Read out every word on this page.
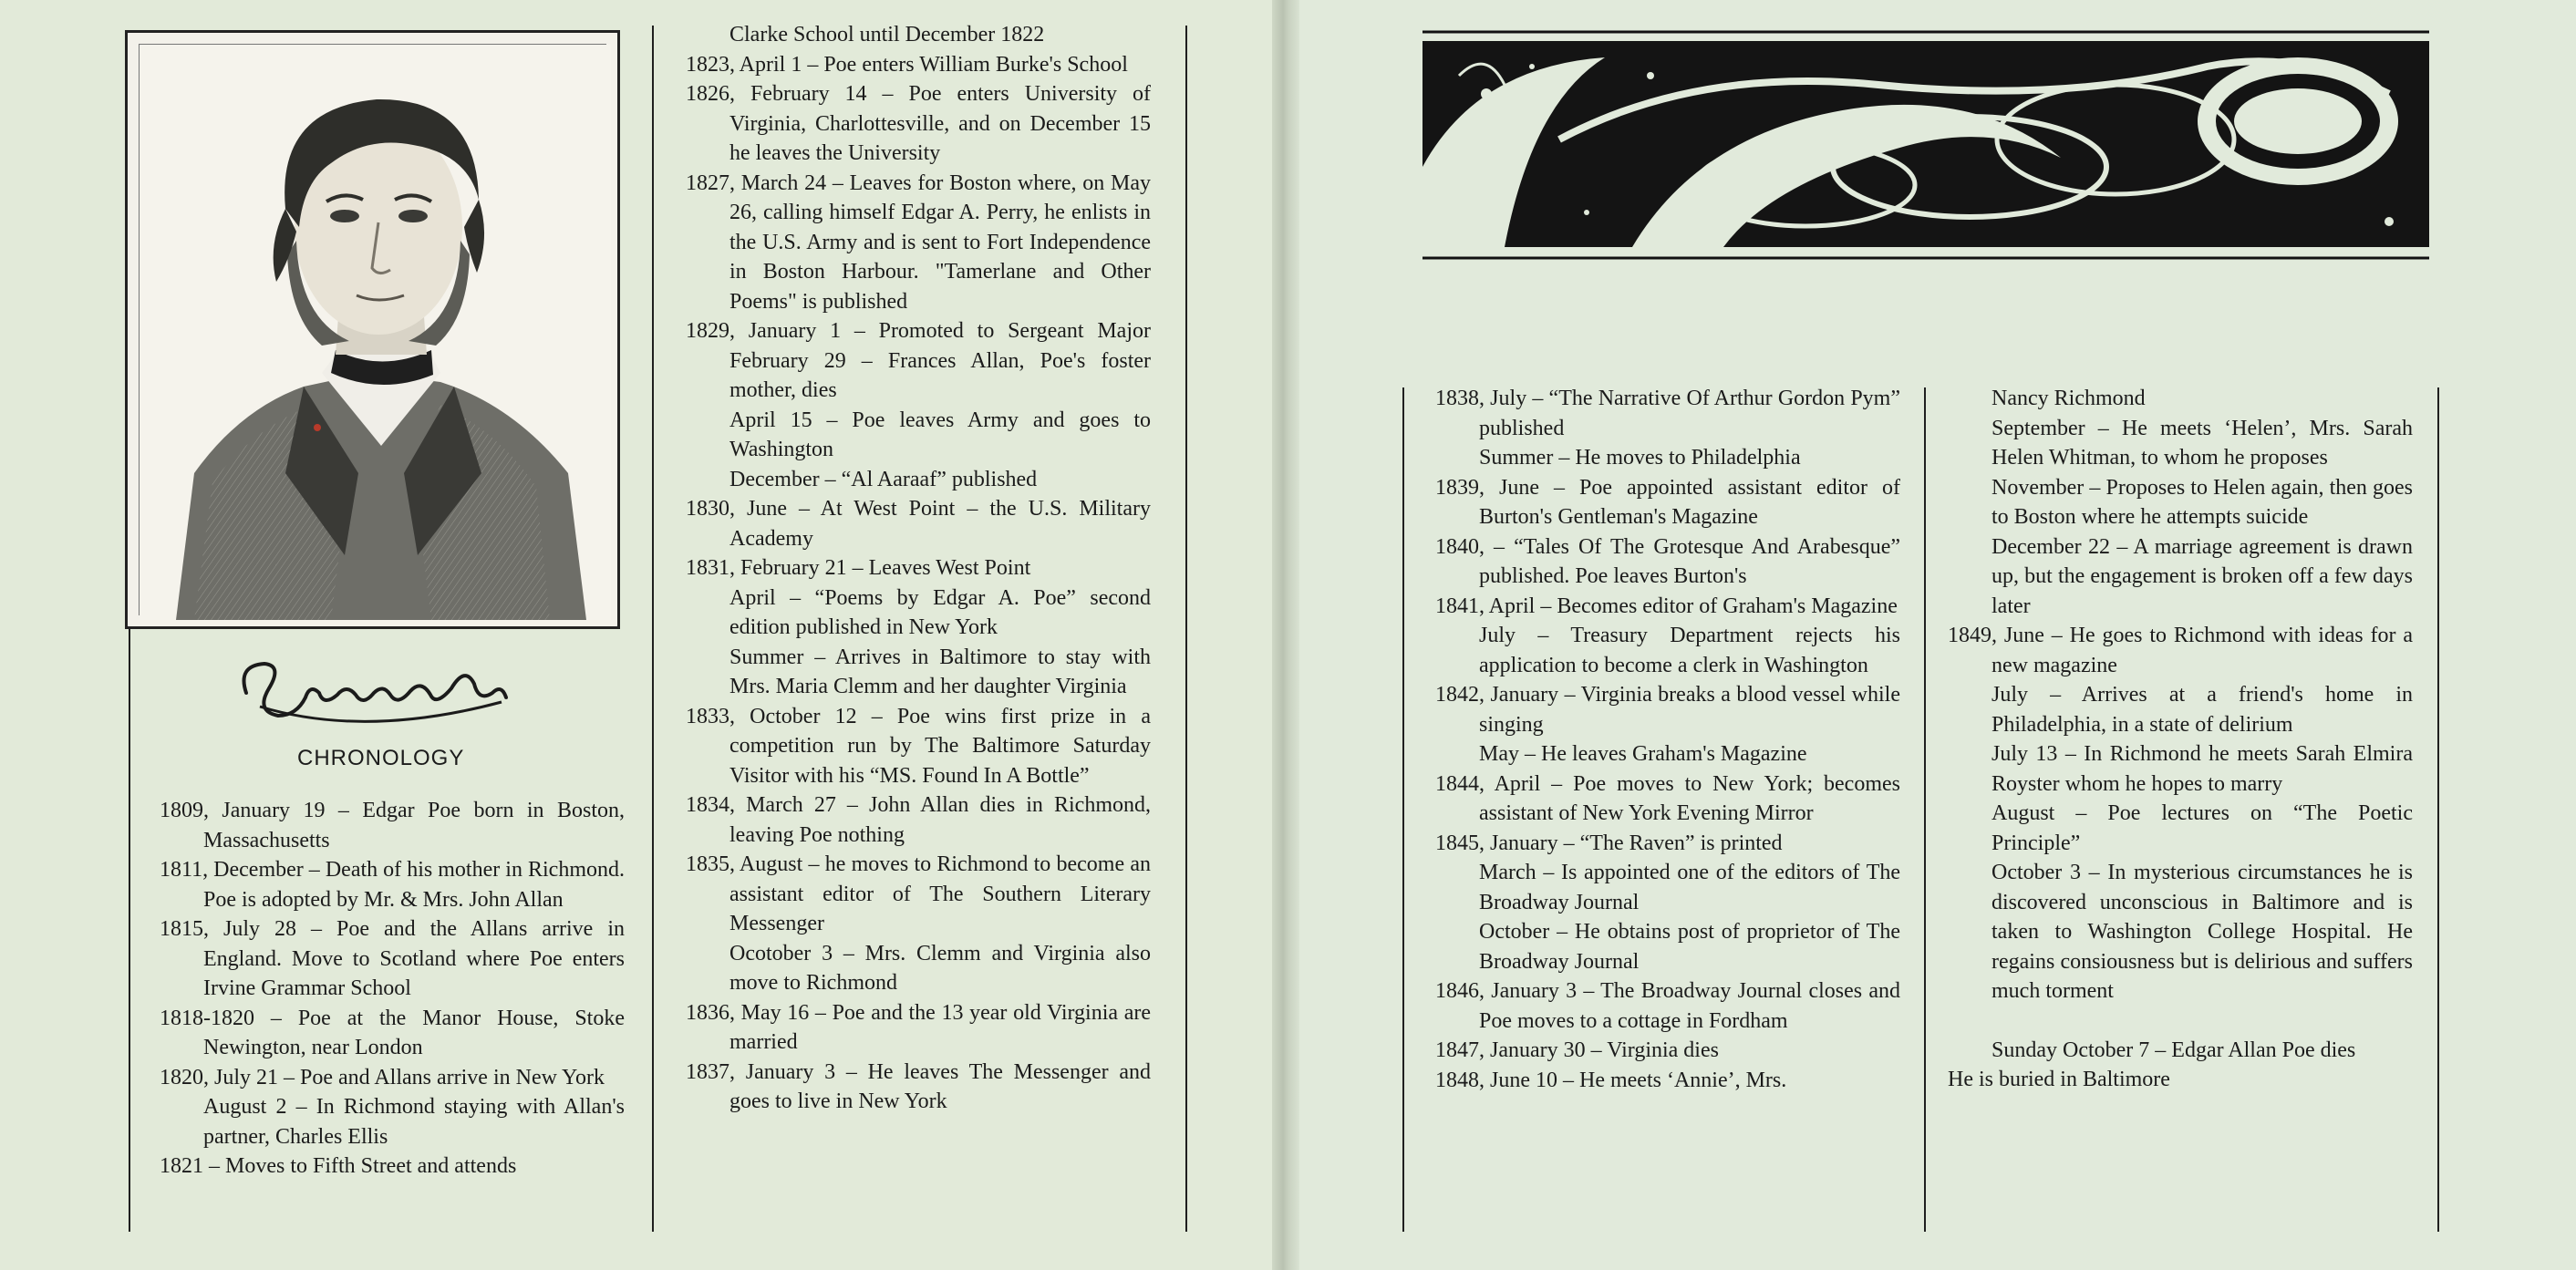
CHRONOLOGY

1809, January 19 – Edgar Poe born in Boston, Massachusetts

1811, December – Death of his mother in Richmond. Poe is adopted by Mr. & Mrs. John Allan

1815, July 28 – Poe and the Allans arrive in England. Move to Scotland where Poe enters Irvine Grammar School

1818-1820 – Poe at the Manor House, Stoke Newington, near London

1820, July 21 – Poe and Allans arrive in New York

August 2 – In Richmond staying with Allan's partner, Charles Ellis

1821 – Moves to Fifth Street and attends

Clarke School until December 1822

1823, April 1 – Poe enters William Burke's School

1826, February 14 – Poe enters University of Virginia, Charlottesville, and on December 15 he leaves the University

1827, March 24 – Leaves for Boston where, on May 26, calling himself Edgar A. Perry, he enlists in the U.S. Army and is sent to Fort Independence in Boston Harbour. "Tamerlane and Other Poems" is published

1829, January 1 – Promoted to Sergeant Major February 29 – Frances Allan, Poe's foster mother, dies

April 15 – Poe leaves Army and goes to Washington

December – “Al Aaraaf” published

1830, June – At West Point – the U.S. Military Academy

1831, February 21 – Leaves West Point

April – “Poems by Edgar A. Poe” second edition published in New York

Summer – Arrives in Baltimore to stay with Mrs. Maria Clemm and her daughter Virginia

1833, October 12 – Poe wins first prize in a competition run by The Baltimore Saturday Visitor with his “MS. Found In A Bottle”

1834, March 27 – John Allan dies in Richmond, leaving Poe nothing

1835, August – he moves to Richmond to become an assistant editor of The Southern Literary Messenger

Ocotober 3 – Mrs. Clemm and Virginia also move to Richmond

1836, May 16 – Poe and the 13 year old Virginia are married

1837, January 3 – He leaves The Messenger and goes to live in New York

1838, July – “The Narrative Of Arthur Gordon Pym” published

Summer – He moves to Philadelphia

1839, June – Poe appointed assistant editor of Burton's Gentleman's Magazine

1840, – “Tales Of The Grotesque And Arabesque” published. Poe leaves Burton's

1841, April – Becomes editor of Graham's Magazine

July – Treasury Department rejects his application to become a clerk in Washington

1842, January – Virginia breaks a blood vessel while singing

May – He leaves Graham's Magazine

1844, April – Poe moves to New York; becomes assistant of New York Evening Mirror

1845, January – “The Raven” is printed

March – Is appointed one of the editors of The Broadway Journal

October – He obtains post of proprietor of The Broadway Journal

1846, January 3 – The Broadway Journal closes and Poe moves to a cottage in Fordham

1847, January 30 – Virginia dies

1848, June 10 – He meets ‘Annie’, Mrs.

Nancy Richmond

September – He meets ‘Helen’, Mrs. Sarah Helen Whitman, to whom he proposes

November – Proposes to Helen again, then goes to Boston where he attempts suicide

December 22 – A marriage agreement is drawn up, but the engagement is broken off a few days later

1849, June – He goes to Richmond with ideas for a new magazine

July – Arrives at a friend's home in Philadelphia, in a state of delirium

July 13 – In Richmond he meets Sarah Elmira Royster whom he hopes to marry

August – Poe lectures on “The Poetic Principle”

October 3 – In mysterious circumstances he is discovered unconscious in Baltimore and is taken to Washington College Hospital. He regains consiousness but is delirious and suffers much torment

Sunday October 7 – Edgar Allan Poe dies

He is buried in Baltimore
